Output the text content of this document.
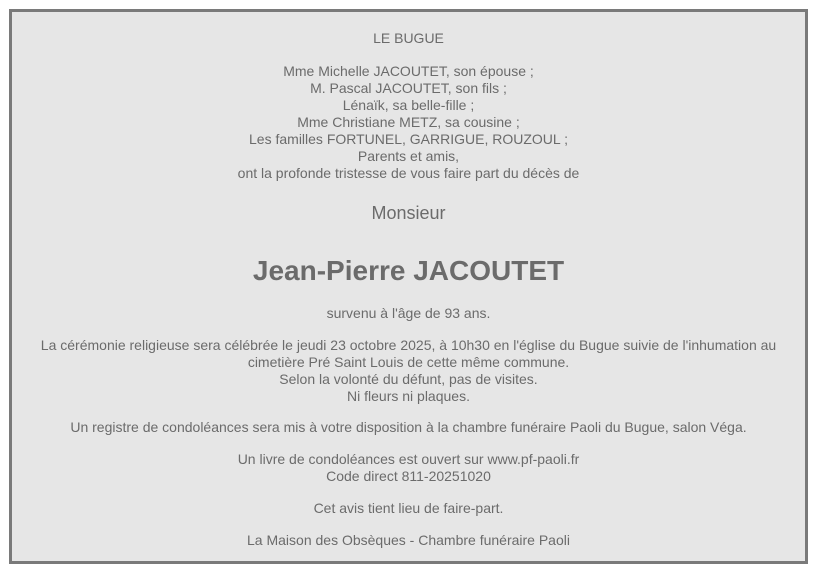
LE BUGUE
Mme Michelle JACOUTET, son épouse ;
M. Pascal JACOUTET, son fils ;
Lénaïk, sa belle-fille ;
Mme Christiane METZ, sa cousine ;
Les familles FORTUNEL, GARRIGUE, ROUZOUL ;
Parents et amis,
ont la profonde tristesse de vous faire part du décès de
Monsieur
Jean-Pierre JACOUTET
survenu à l'âge de 93 ans.
La cérémonie religieuse sera célébrée le jeudi 23 octobre 2025, à 10h30 en l'église du Bugue suivie de l'inhumation au
cimetière Pré Saint Louis de cette même commune.
Selon la volonté du défunt, pas de visites.
Ni fleurs ni plaques.
Un registre de condoléances sera mis à votre disposition à la chambre funéraire Paoli du Bugue, salon Véga.
Un livre de condoléances est ouvert sur www.pf-paoli.fr
Code direct 811-20251020
Cet avis tient lieu de faire-part.
La Maison des Obsèques - Chambre funéraire Paoli
